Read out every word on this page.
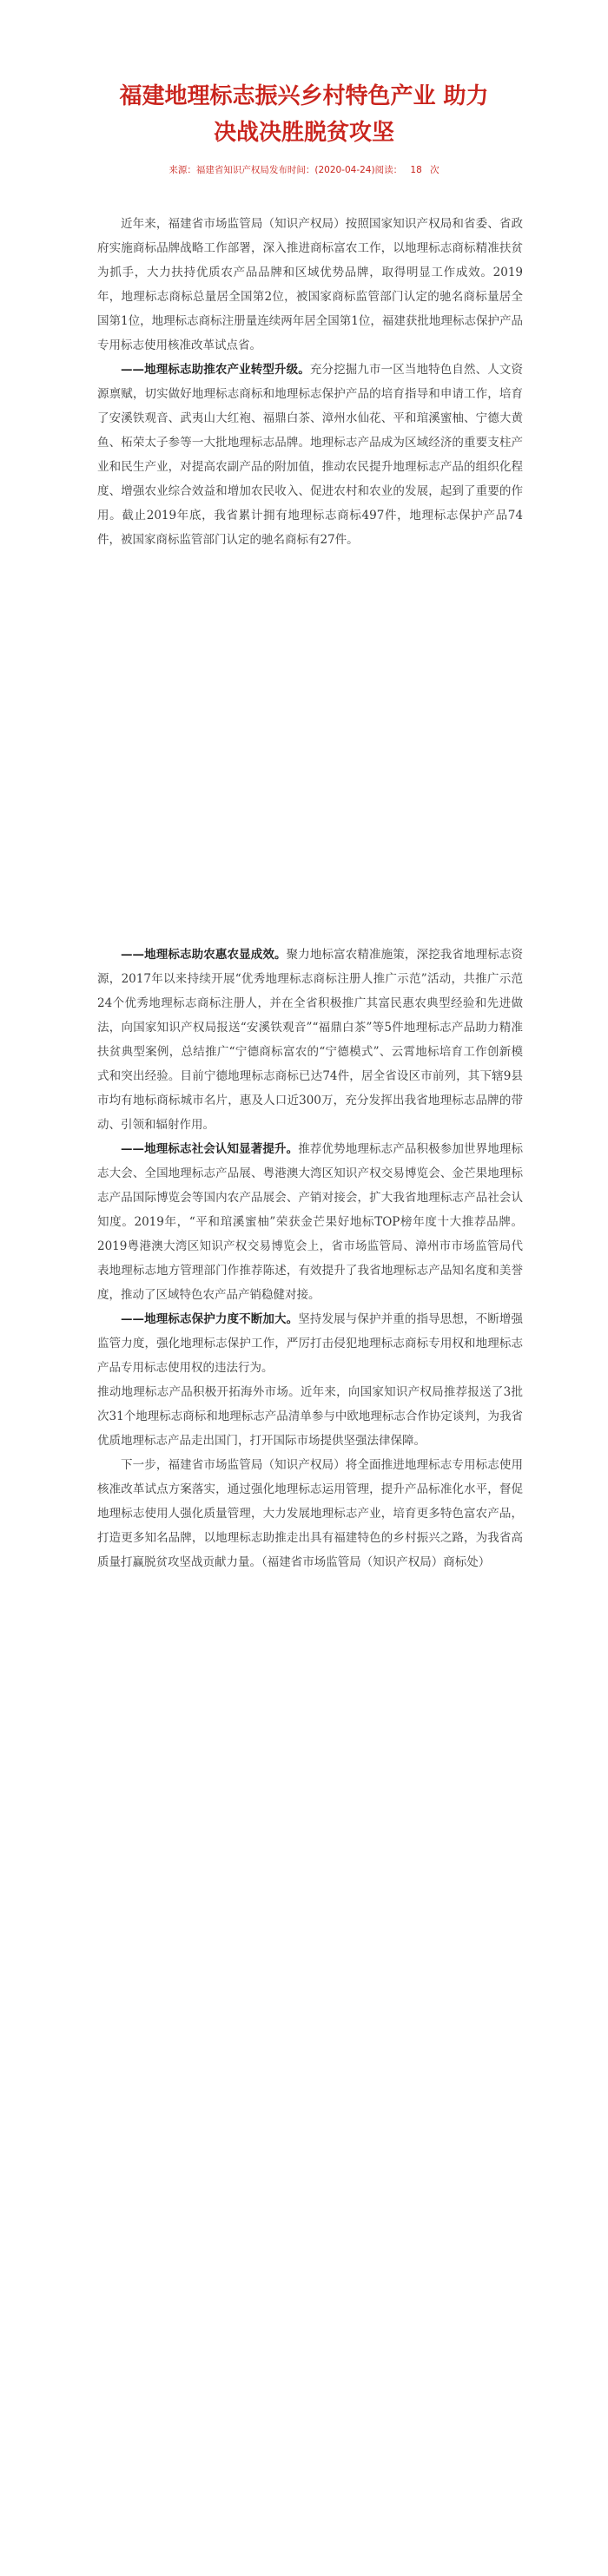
福建地理标志振兴乡村特色产业 助力
决战决胜脱贫攻坚
来源：福建省知识产权局发布时间：(2020-04-24)阅读： 18 次

近年来，福建省市场监管局（知识产权局）按照国家知识产权局和省委、省政府实施商标品牌战略工作部署，深入推进商标富农工作，以地理标志商标精准扶贫为抓手，大力扶持优质农产品品牌和区域优势品牌，取得明显工作成效。2019年，地理标志商标总量居全国第2位，被国家商标监管部门认定的驰名商标量居全国第1位，地理标志商标注册量连续两年居全国第1位，福建获批地理标志保护产品专用标志使用核准改革试点省。

——地理标志助推农产业转型升级。充分挖掘九市一区当地特色自然、人文资源禀赋，切实做好地理标志商标和地理标志保护产品的培育指导和申请工作，培育了安溪铁观音、武夷山大红袍、福鼎白茶、漳州水仙花、平和琯溪蜜柚、宁德大黄鱼、柘荣太子参等一大批地理标志品牌。地理标志产品成为区域经济的重要支柱产业和民生产业，对提高农副产品的附加值，推动农民提升地理标志产品的组织化程度、增强农业综合效益和增加农民收入、促进农村和农业的发展，起到了重要的作用。截止2019年底，我省累计拥有地理标志商标497件，地理标志保护产品74件，被国家商标监管部门认定的驰名商标有27件。

——地理标志助农惠农显成效。聚力地标富农精准施策，深挖我省地理标志资源，2017年以来持续开展“优秀地理标志商标注册人推广示范”活动，共推广示范24个优秀地理标志商标注册人，并在全省积极推广其富民惠农典型经验和先进做法，向国家知识产权局报送“安溪铁观音”“福鼎白茶”等5件地理标志产品助力精准扶贫典型案例，总结推广“宁德商标富农的“宁德模式”、云霄地标培育工作创新模式和突出经验。目前宁德地理标志商标已达74件，居全省设区市前列，其下辖9县市均有地标商标城市名片，惠及人口近300万，充分发挥出我省地理标志品牌的带动、引领和辐射作用。

——地理标志社会认知显著提升。推荐优势地理标志产品积极参加世界地理标志大会、全国地理标志产品展、粤港澳大湾区知识产权交易博览会、金芒果地理标志产品国际博览会等国内农产品展会、产销对接会，扩大我省地理标志产品社会认知度。2019年，“平和琯溪蜜柚”荣获金芒果好地标TOP榜年度十大推荐品牌。2019粤港澳大湾区知识产权交易博览会上，省市场监管局、漳州市市场监管局代表地理标志地方管理部门作推荐陈述，有效提升了我省地理标志产品知名度和美誉度，推动了区域特色农产品产销稳健对接。

——地理标志保护力度不断加大。坚持发展与保护并重的指导思想，不断增强监管力度，强化地理标志保护工作，严厉打击侵犯地理标志商标专用权和地理标志产品专用标志使用权的违法行为。

推动地理标志产品积极开拓海外市场。近年来，向国家知识产权局推荐报送了3批次31个地理标志商标和地理标志产品清单参与中欧地理标志合作协定谈判，为我省优质地理标志产品走出国门，打开国际市场提供坚强法律保障。

下一步，福建省市场监管局（知识产权局）将全面推进地理标志专用标志使用核准改革试点方案落实，通过强化地理标志运用管理，提升产品标准化水平，督促地理标志使用人强化质量管理，大力发展地理标志产业，培育更多特色富农产品，打造更多知名品牌，以地理标志助推走出具有福建特色的乡村振兴之路，为我省高质量打赢脱贫攻坚战贡献力量。（福建省市场监管局（知识产权局）商标处）
